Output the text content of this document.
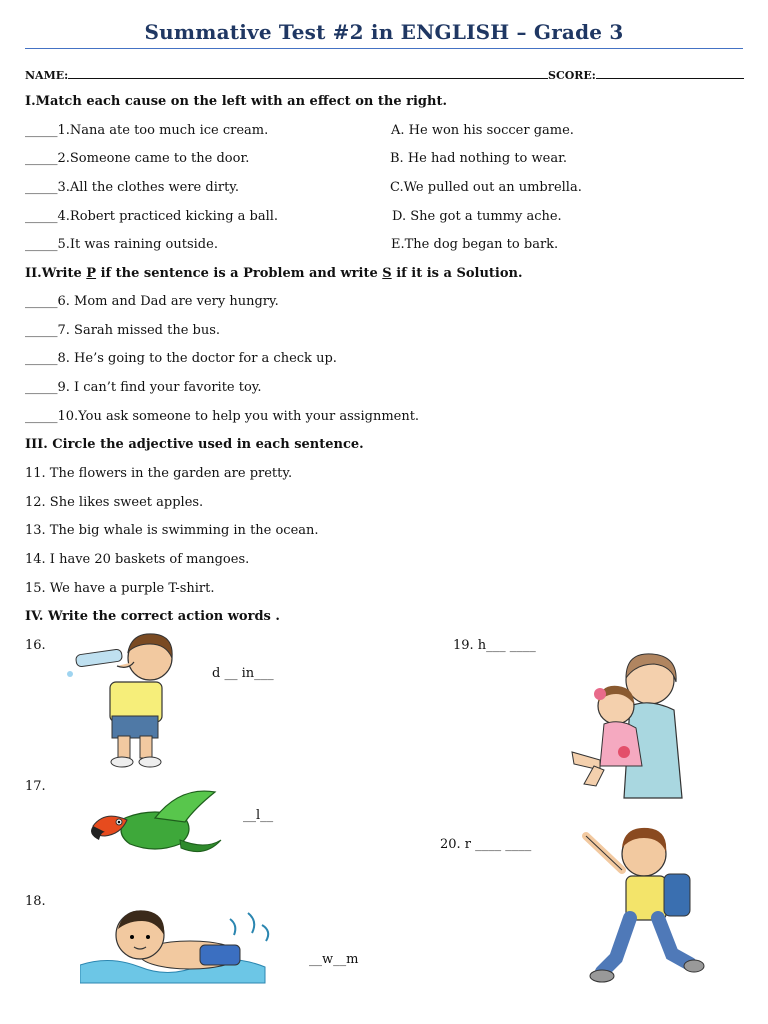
Summative Test #2 in ENGLISH – Grade 3
NAME:	SCORE:
I.Match each cause on the left with an effect on the right.
_____1.Nana ate too much ice cream.
_____2.Someone came to the door.
_____3.All the clothes were dirty.
_____4.Robert practiced kicking a ball.
_____5.It was raining outside.
A. He won his soccer game.
B. He had nothing to wear.
C.We pulled out an umbrella.
D. She got a tummy ache.
E.The dog began to bark.
II.Write P if the sentence is a Problem and write S if it is a Solution.
_____6. Mom and Dad are very hungry.
_____7. Sarah missed the bus.
_____8. He’s going to the doctor for a check up.
_____9. I can’t find your favorite toy.
_____10.You ask someone to help you with your assignment.
III. Circle the adjective used in each sentence.
11. The flowers in the garden are pretty.
12. She likes sweet apples.
13. The big whale is swimming in the ocean.
14. I have 20 baskets of mangoes.
15. We have a purple T-shirt.
IV. Write the correct action words .
16.
d __ in___
19. h___ ____
17.
__l__
20. r ____ ____
18.
__w__m
